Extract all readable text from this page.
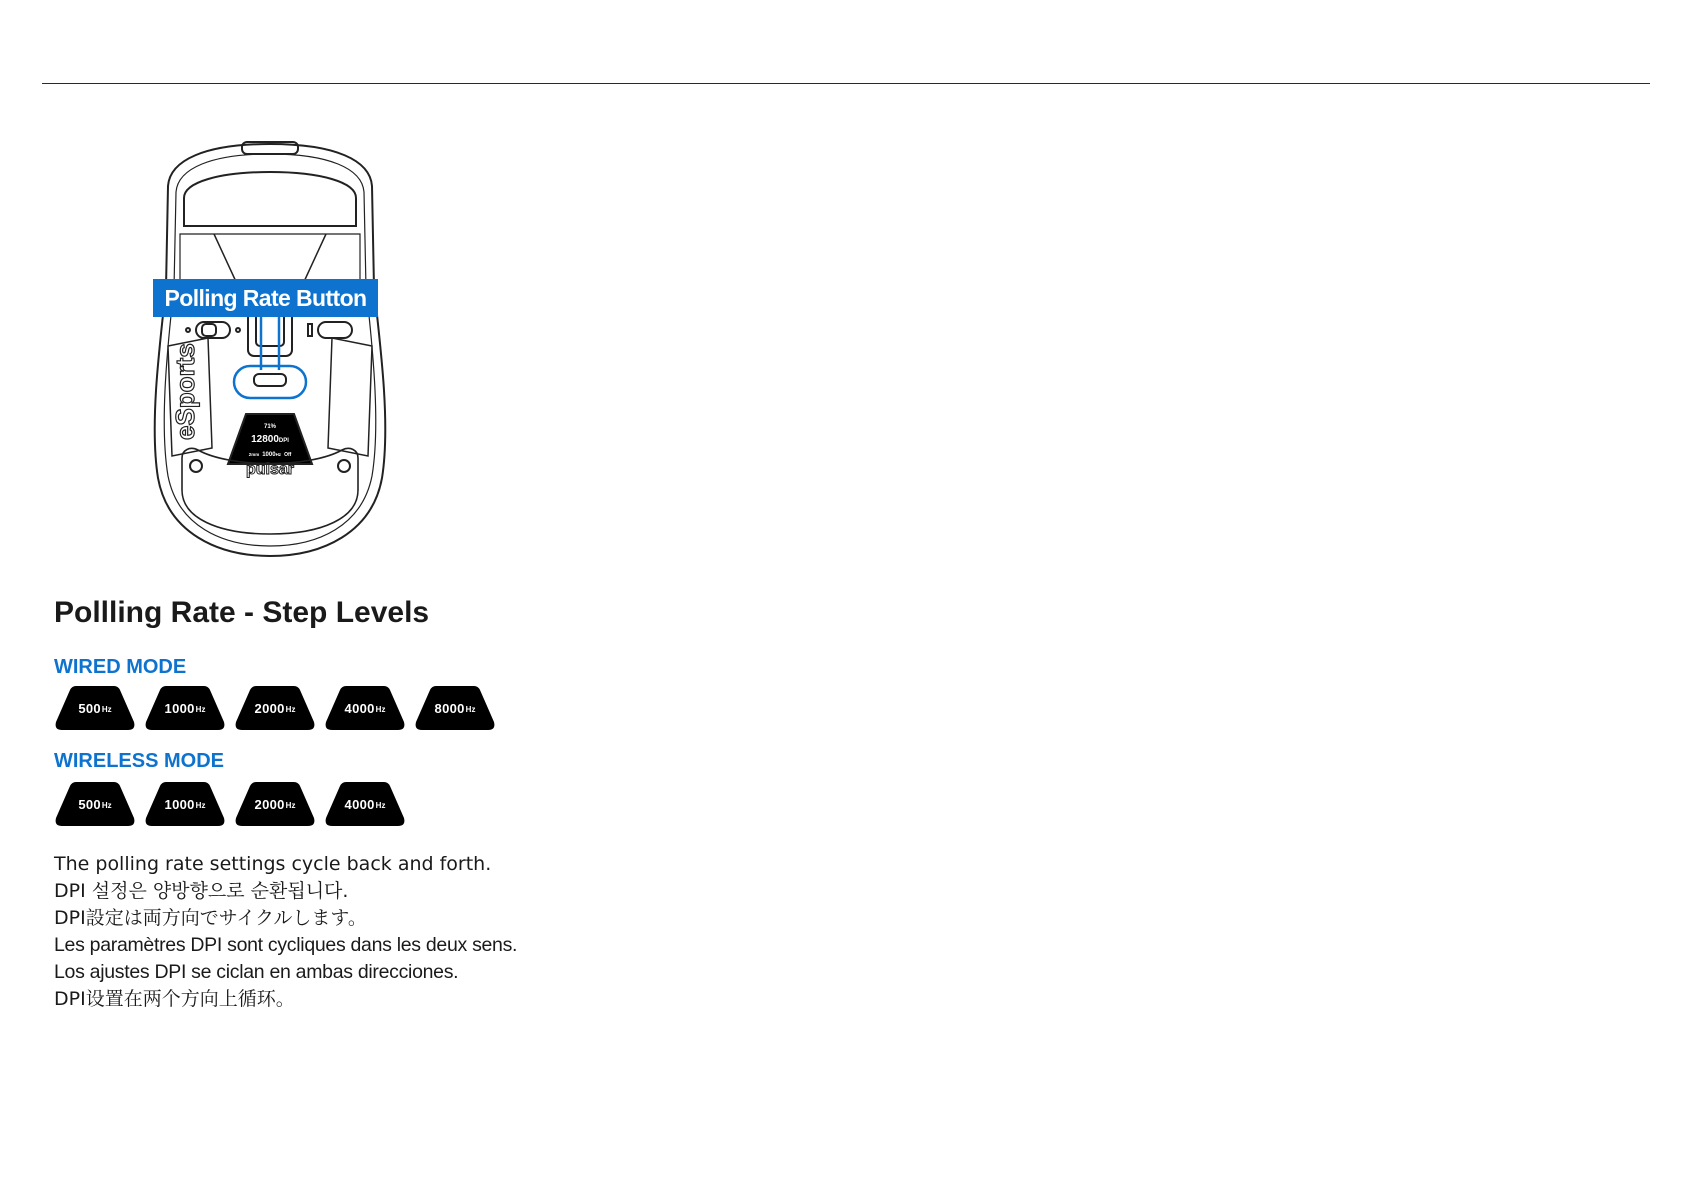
71%
12800DPI
2mm 1000Hz Off
eSports
pulsar
Polling Rate Button
Pollling Rate - Step Levels
WIRED MODE
500 Hz	1000 Hz	2000 Hz	4000 Hz	8000 Hz
WIRELESS MODE
500 Hz	1000 Hz	2000 Hz	4000 Hz
The polling rate settings cycle back and forth.
DPI 설정은 양방향으로 순환됩니다.
DPI設定は両方向でサイクルします。
Les paramètres DPI sont cycliques dans les deux sens.
Los ajustes DPI se ciclan en ambas direcciones.
DPI设置在两个方向上循环。
